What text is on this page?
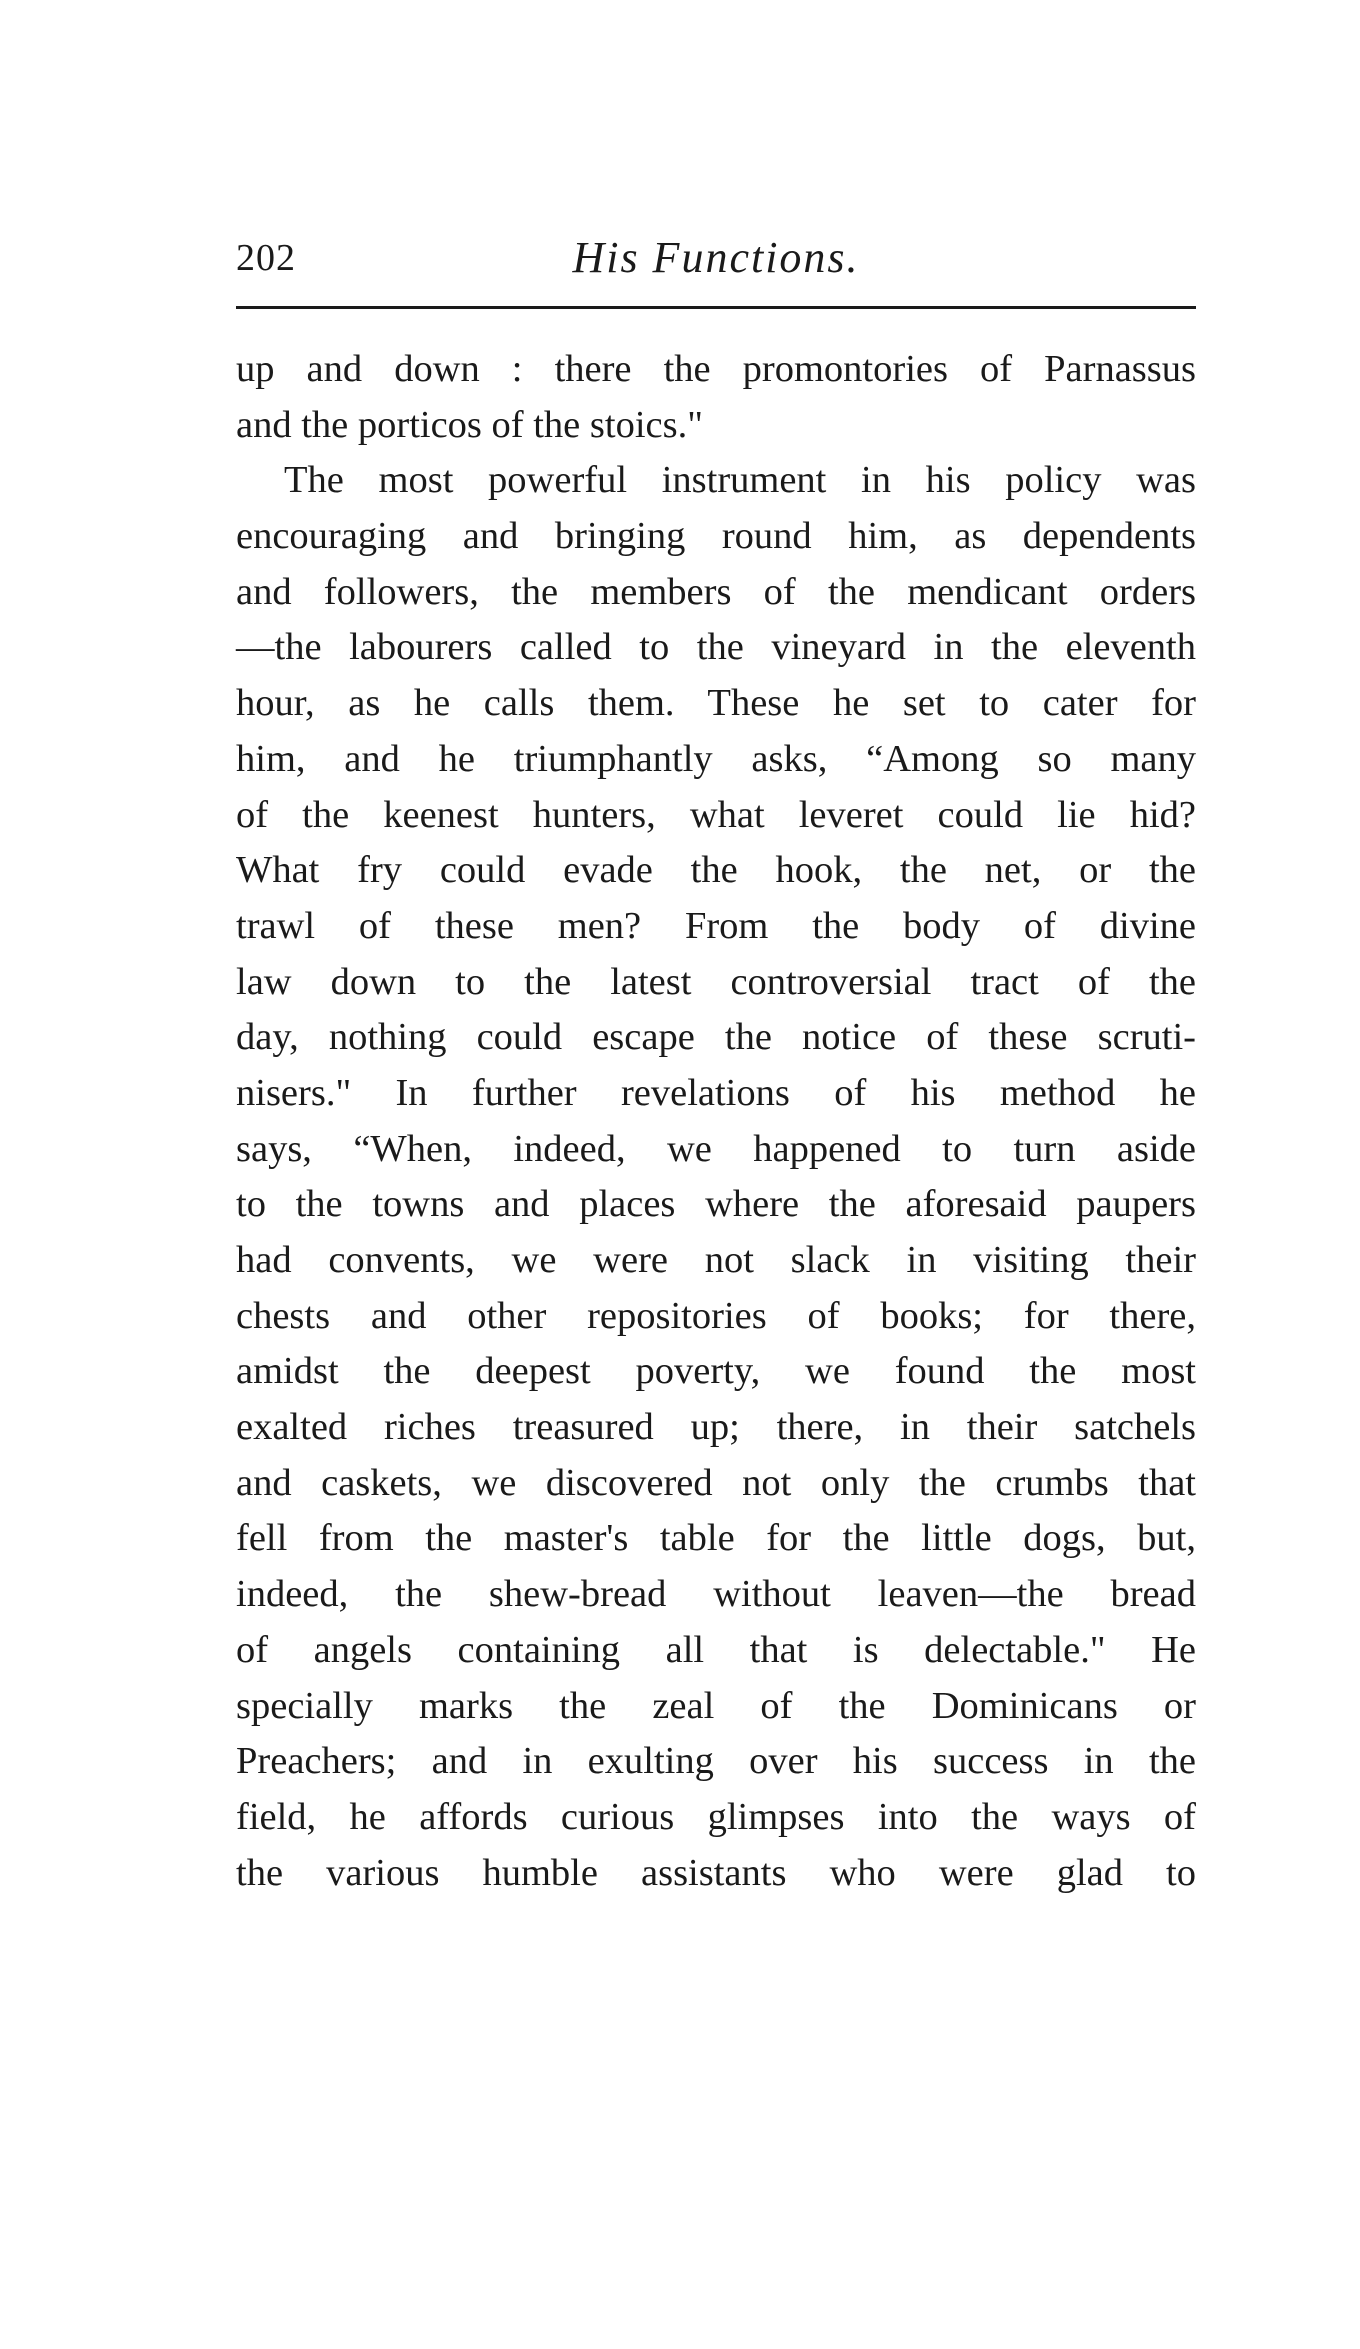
202	His Functions.
up and down : there the promontories of Parnassus
and the porticos of the stoics."
The most powerful instrument in his policy was
encouraging and bringing round him, as dependents
and followers, the members of the mendicant orders
—the labourers called to the vineyard in the eleventh
hour, as he calls them. These he set to cater for
him, and he triumphantly asks, “Among so many
of the keenest hunters, what leveret could lie hid?
What fry could evade the hook, the net, or the
trawl of these men? From the body of divine
law down to the latest controversial tract of the
day, nothing could escape the notice of these scruti-
nisers." In further revelations of his method he
says, “When, indeed, we happened to turn aside
to the towns and places where the aforesaid paupers
had convents, we were not slack in visiting their
chests and other repositories of books; for there,
amidst the deepest poverty, we found the most
exalted riches treasured up; there, in their satchels
and caskets, we discovered not only the crumbs that
fell from the master's table for the little dogs, but,
indeed, the shew-bread without leaven—the bread
of angels containing all that is delectable." He
specially marks the zeal of the Dominicans or
Preachers; and in exulting over his success in the
field, he affords curious glimpses into the ways of
the various humble assistants who were glad to
